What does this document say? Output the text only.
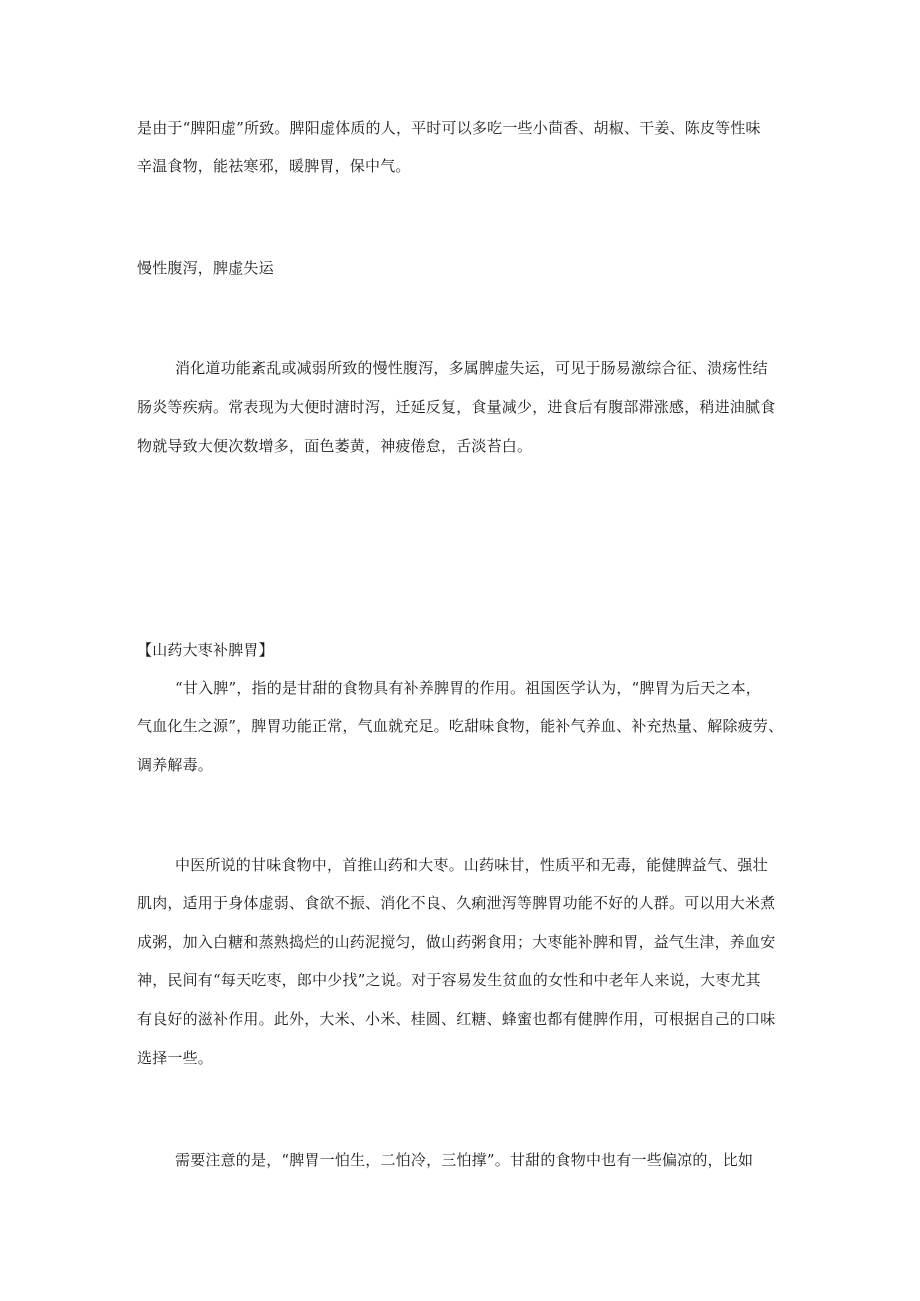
是由于“脾阳虚”所致。脾阳虚体质的人，平时可以多吃一些小茴香、胡椒、干姜、陈皮等性味
辛温食物，能祛寒邪，暖脾胃，保中气。
慢性腹泻，脾虚失运
消化道功能紊乱或减弱所致的慢性腹泻，多属脾虚失运，可见于肠易激综合征、溃疡性结
肠炎等疾病。常表现为大便时溏时泻，迁延反复，食量减少，进食后有腹部滞涨感，稍进油腻食
物就导致大便次数增多，面色萎黄，神疲倦怠，舌淡苔白。
【山药大枣补脾胃】
“甘入脾”，指的是甘甜的食物具有补养脾胃的作用。祖国医学认为，“脾胃为后天之本，
气血化生之源”，脾胃功能正常，气血就充足。吃甜味食物，能补气养血、补充热量、解除疲劳、
调养解毒。
中医所说的甘味食物中，首推山药和大枣。山药味甘，性质平和无毒，能健脾益气、强壮
肌肉，适用于身体虚弱、食欲不振、消化不良、久痢泄泻等脾胃功能不好的人群。可以用大米煮
成粥，加入白糖和蒸熟捣烂的山药泥搅匀，做山药粥食用；大枣能补脾和胃，益气生津，养血安
神，民间有“每天吃枣，郎中少找”之说。对于容易发生贫血的女性和中老年人来说，大枣尤其
有良好的滋补作用。此外，大米、小米、桂圆、红糖、蜂蜜也都有健脾作用，可根据自己的口味
选择一些。
需要注意的是，“脾胃一怕生，二怕冷，三怕撑”。甘甜的食物中也有一些偏凉的，比如
